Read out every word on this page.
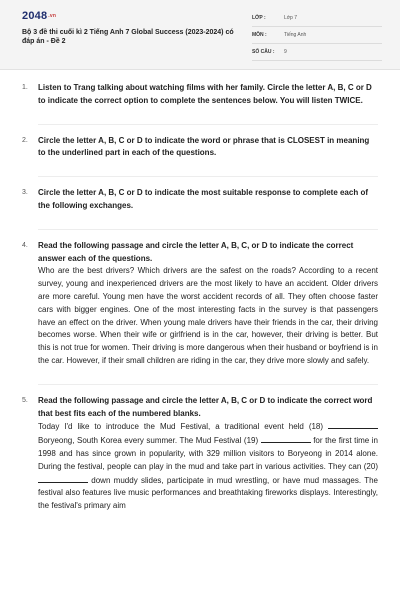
2048.vn
Bộ 3 đề thi cuối kì 2 Tiếng Anh 7 Global Success (2023-2024) có đáp án - Đề 2
LỚP :	Lớp 7
MÔN :	Tiếng Anh
SỐ CÂU :	9
1.	Listen to Trang talking about watching films with her family. Circle the letter A, B, C or D to indicate the correct option to complete the sentences below. You will listen TWICE.
2.	Circle the letter A, B, C or D to indicate the word or phrase that is CLOSEST in meaning to the underlined part in each of the questions.
3.	Circle the letter A, B, C or D to indicate the most suitable response to complete each of the following exchanges.
4.	Read the following passage and circle the letter A, B, C, or D to indicate the correct answer each of the questions.

Who are the best drivers? Which drivers are the safest on the roads? According to a recent survey, young and inexperienced drivers are the most likely to have an accident. Older drivers are more careful. Young men have the worst accident records of all. They often choose faster cars with bigger engines. One of the most interesting facts in the survey is that passengers have an effect on the driver. When young male drivers have their friends in the car, their driving becomes worse. When their wife or girlfriend is in the car, however, their driving is better. But this is not true for women. Their driving is more dangerous when their husband or boyfriend is in the car. However, if their small children are riding in the car, they drive more slowly and safely.

5.	Read the following passage and circle the letter A, B, C or D to indicate the correct word that best fits each of the numbered blanks.

Today I'd like to introduce the Mud Festival, a traditional event held (18)  Boryeong, South Korea every summer. The Mud Festival (19)	for the first time in 1998 and has since grown in popularity, with 329 million visitors to Boryeong in 2014 alone. During the festival, people can play in the mud and take part in various activities. They can (20)  down muddy slides, participate in mud wrestling, or have mud massages. The festival also features live music performances and breathtaking fireworks displays. Interestingly, the festival's primary aim
